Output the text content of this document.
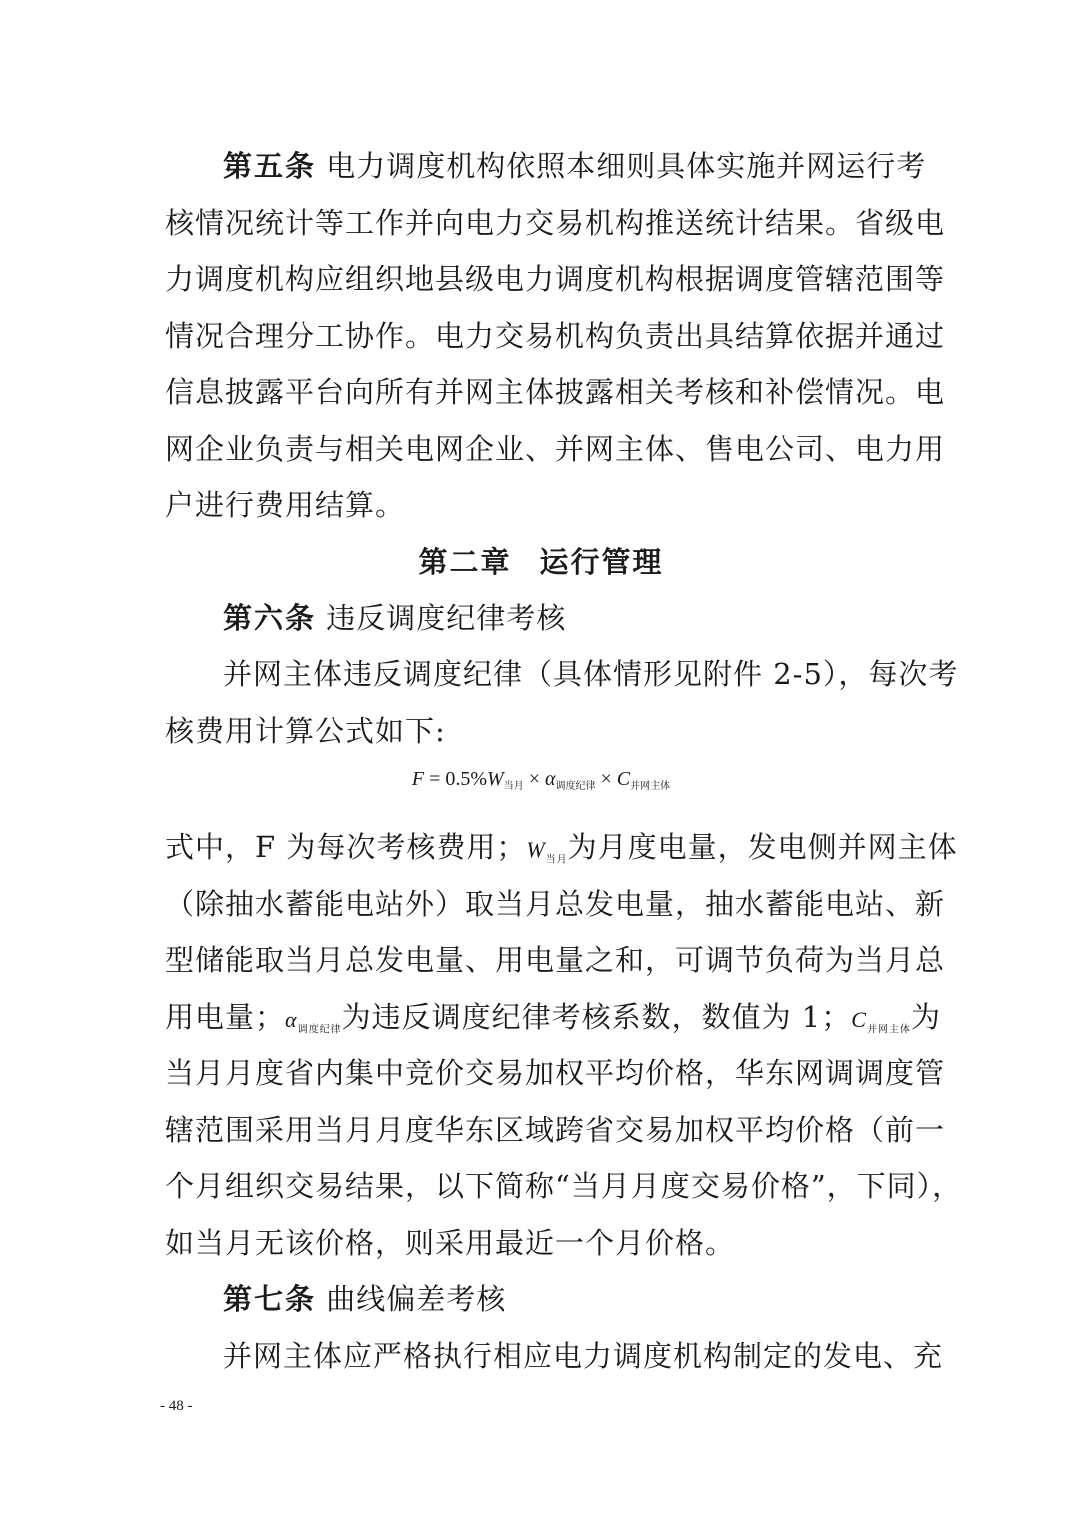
第五条 电力调度机构依照本细则具体实施并网运行考
核情况统计等工作并向电力交易机构推送统计结果。省级电
力调度机构应组织地县级电力调度机构根据调度管辖范围等
情况合理分工协作。电力交易机构负责出具结算依据并通过
信息披露平台向所有并网主体披露相关考核和补偿情况。电
网企业负责与相关电网企业、并网主体、售电公司、电力用
户进行费用结算。
第二章 运行管理
第六条 违反调度纪律考核
并网主体违反调度纪律（具体情形见附件 2-5），每次考
核费用计算公式如下:
$F = 0.5\%W_{当月} \times \alpha_{调度纪律} \times C_{并网主体}$
式中，F 为每次考核费用；$W_{当月}$为月度电量，发电侧并网主体
（除抽水蓄能电站外）取当月总发电量，抽水蓄能电站、新
型储能取当月总发电量、用电量之和，可调节负荷为当月总
用电量；$\alpha_{调度纪律}$为违反调度纪律考核系数，数值为 1；$C_{并网主体}$为
当月月度省内集中竞价交易加权平均价格，华东网调调度管
辖范围采用当月月度华东区域跨省交易加权平均价格（前一
个月组织交易结果，以下简称“当月月度交易价格”，下同），
如当月无该价格，则采用最近一个月价格。
第七条 曲线偏差考核
并网主体应严格执行相应电力调度机构制定的发电、充
- 48 -
